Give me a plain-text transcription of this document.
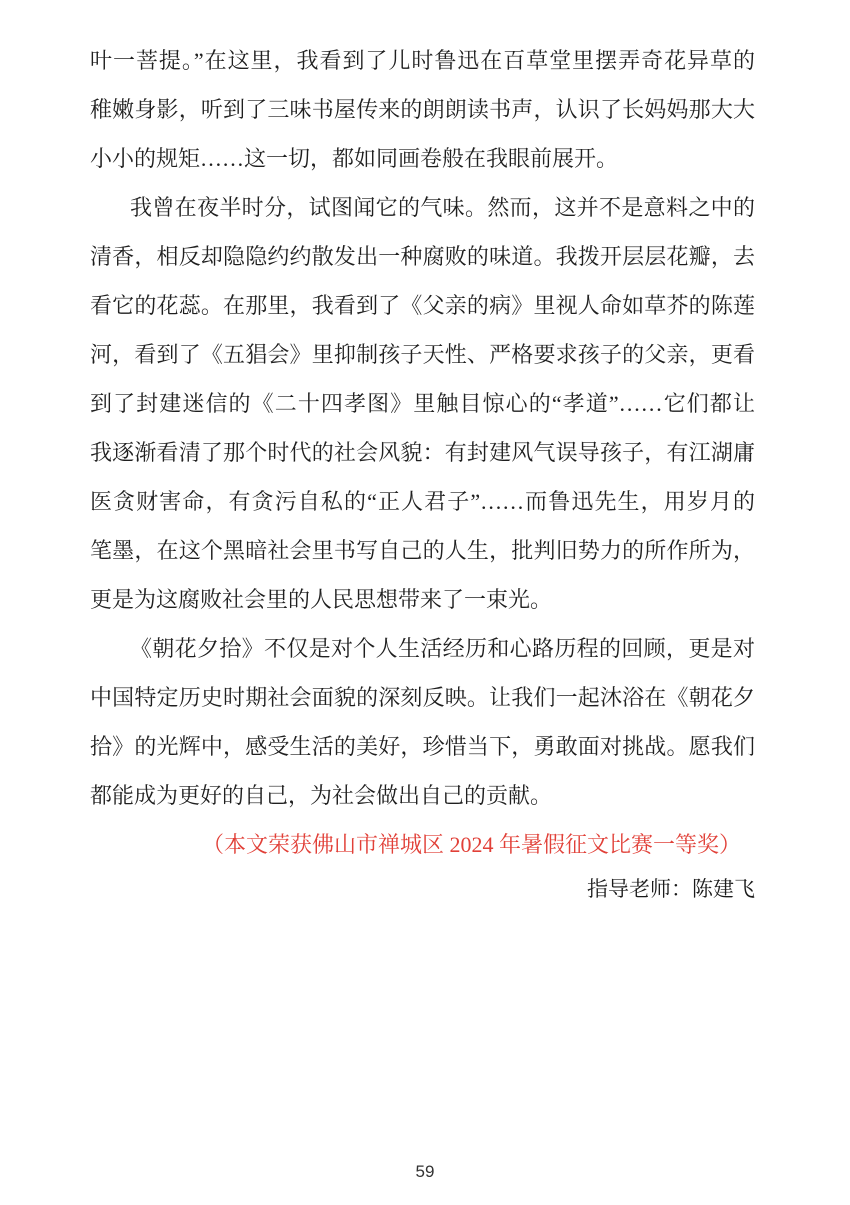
叶一菩提。”在这里，我看到了儿时鲁迅在百草堂里摆弄奇花异草的
稚嫩身影，听到了三味书屋传来的朗朗读书声，认识了长妈妈那大大
小小的规矩……这一切，都如同画卷般在我眼前展开。
我曾在夜半时分，试图闻它的气味。然而，这并不是意料之中的
清香，相反却隐隐约约散发出一种腐败的味道。我拨开层层花瓣，去
看它的花蕊。在那里，我看到了《父亲的病》里视人命如草芥的陈莲
河，看到了《五猖会》里抑制孩子天性、严格要求孩子的父亲，更看
到了封建迷信的《二十四孝图》里触目惊心的“孝道”……它们都让
我逐渐看清了那个时代的社会风貌：有封建风气误导孩子，有江湖庸
医贪财害命，有贪污自私的“正人君子”……而鲁迅先生，用岁月的
笔墨，在这个黑暗社会里书写自己的人生，批判旧势力的所作所为，
更是为这腐败社会里的人民思想带来了一束光。
《朝花夕拾》不仅是对个人生活经历和心路历程的回顾，更是对
中国特定历史时期社会面貌的深刻反映。让我们一起沐浴在《朝花夕
拾》的光辉中，感受生活的美好，珍惜当下，勇敢面对挑战。愿我们
都能成为更好的自己，为社会做出自己的贡献。
（本文荣获佛山市禅城区 2024 年暑假征文比赛一等奖）
指导老师：陈建飞
59
